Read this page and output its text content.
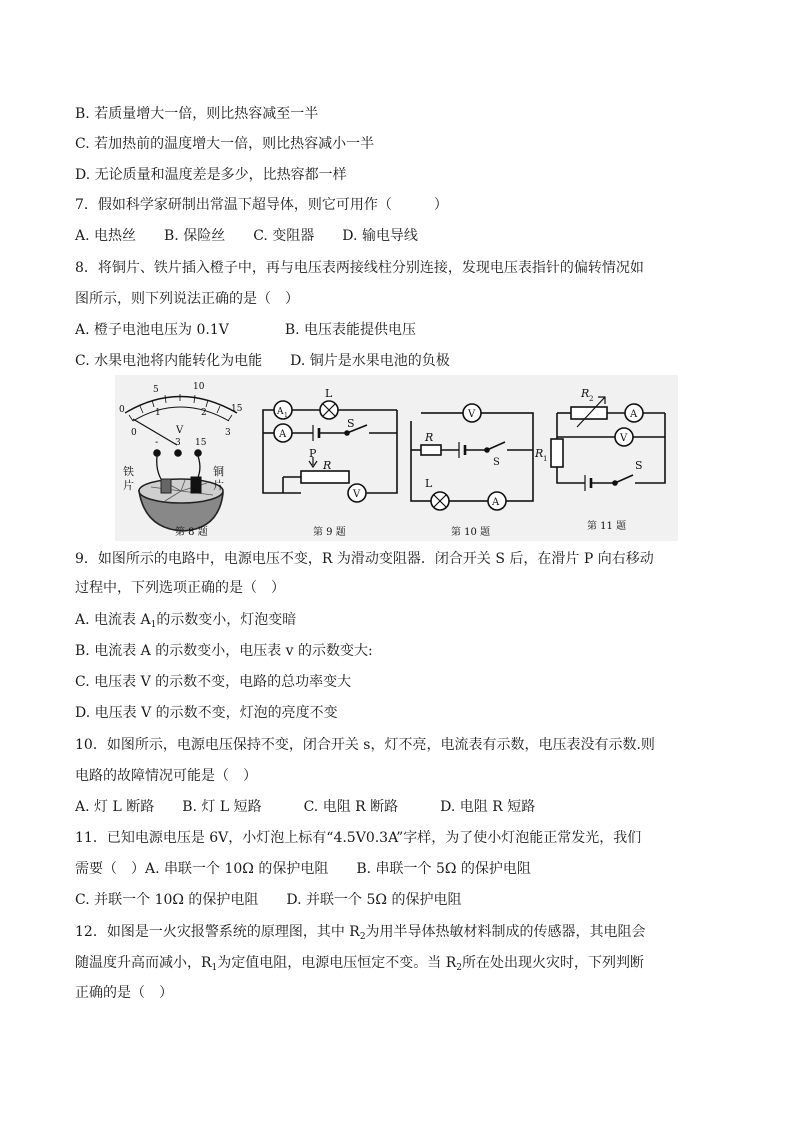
B. 若质量增大一倍，则比热容减至一半
C. 若加热前的温度增大一倍，则比热容减小一半
D. 无论质量和温度差是多少，比热容都一样
7．假如科学家研制出常温下超导体，则它可用作（　　　）
A. 电热丝　　B. 保险丝　　C. 变阻器　　D. 输电导线
8．将铜片、铁片插入橙子中，再与电压表两接线柱分别连接，发现电压表指针的偏转情况如
图所示，则下列说法正确的是（　）
A. 橙子电池电压为 0.1V　　　　B. 电压表能提供电压
C. 水果电池将内能转化为电能　　D. 铜片是水果电池的负极
9．如图所示的电路中，电源电压不变，R 为滑动变阻器．闭合开关 S 后，在滑片 P 向右移动
过程中，下列选项正确的是（　）
A. 电流表 $A_1$的示数变小，灯泡变暗
B. 电流表 A 的示数变小，电压表 v 的示数变大:
C. 电压表 V 的示数不变，电路的总功率变大
D. 电压表 V 的示数不变，灯泡的亮度不变
10．如图所示，电源电压保持不变，闭合开关 s，灯不亮，电流表有示数，电压表没有示数.则
电路的故障情况可能是（　）
A. 灯 L 断路　　B. 灯 L 短路　　　C. 电阻 R 断路　　　D. 电阻 R 短路
11．已知电源电压是 6V，小灯泡上标有“4.5V0.3A”字样，为了使小灯泡能正常发光，我们
需要（　）A. 串联一个 10Ω 的保护电阻　　B. 串联一个 5Ω 的保护电阻
C. 并联一个 10Ω 的保护电阻　　D. 并联一个 5Ω 的保护电阻
12．如图是一火灾报警系统的原理图，其中 $R_2$为用半导体热敏材料制成的传感器，其电阻会
随温度升高而减小，$R_1$为定值电阻，电源电压恒定不变。当 $R_2$所在处出现火灾时，下列判断
正确的是（　）
0
5	10
15
0
1	2
3
V
- 3 15
铁
片
铜
片
第 8 题
A 1
L
A
S
P
R
V
第 9 题
V
R
S
L
A
第 10 题
R 2
A
V
R 1	S
第 11 题
